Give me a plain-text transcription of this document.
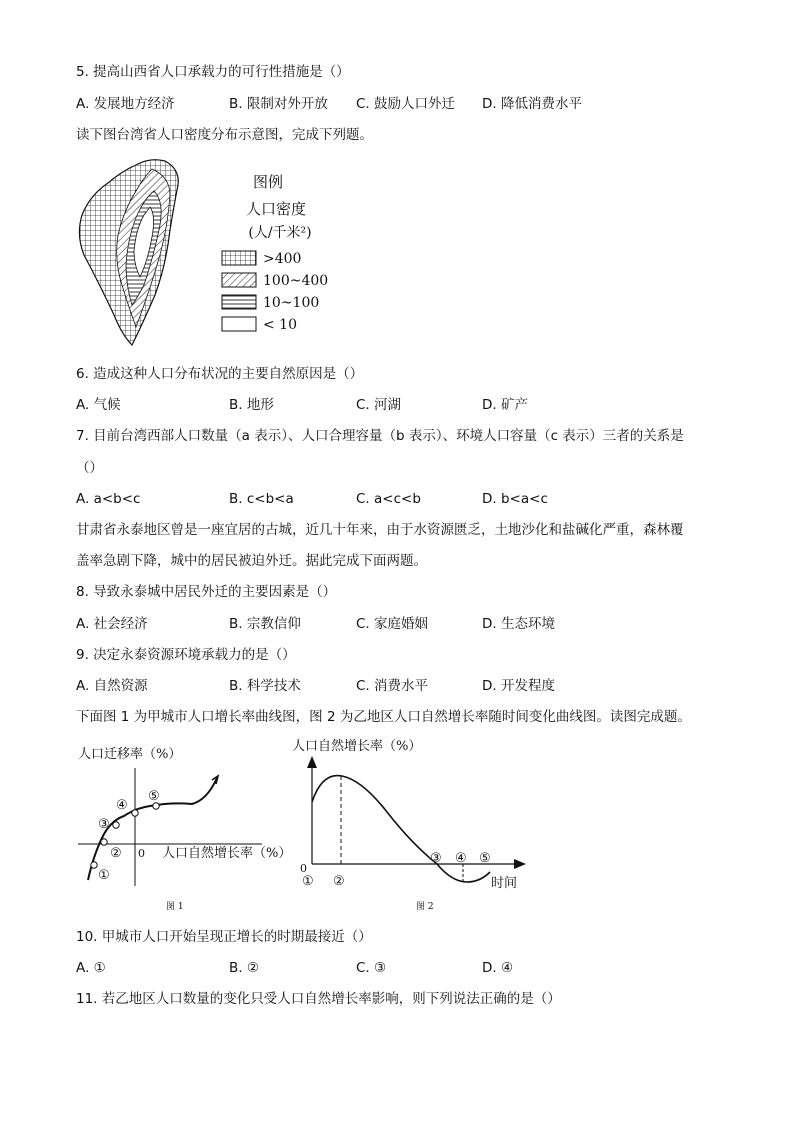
5. 提高山西省人口承载力的可行性措施是（）
A. 发展地方经济	B. 限制对外开放 C. 鼓励人口外迁 D. 降低消费水平
读下图台湾省人口密度分布示意图，完成下列题。
图例
人口密度
(人/千米²)
>400
100~400
10~100
< 10
6. 造成这种人口分布状况的主要自然原因是（）
A. 气候	B. 地形	C. 河湖	D. 矿产
7. 目前台湾西部人口数量（a 表示）、人口合理容量（b 表示）、环境人口容量（c 表示）三者的关系是
（）
A. a<b<c	B. c<b<a	C. a<c<b	D. b<a<c
甘肃省永泰地区曾是一座宜居的古城，近几十年来，由于水资源匮乏，土地沙化和盐碱化严重，森林覆
盖率急剧下降，城中的居民被迫外迁。据此完成下面两题。
8. 导致永泰城中居民外迁的主要因素是（）
A. 社会经济	B. 宗教信仰	C. 家庭婚姻	D. 生态环境
9. 决定永泰资源环境承载力的是（）
A. 自然资源	B. 科学技术	C. 消费水平	D. 开发程度
下面图 1 为甲城市人口增长率曲线图，图 2 为乙地区人口自然增长率随时间变化曲线图。读图完成题。
人口迁移率（%）
0 人口自然增长率（%）
①
②
③
④
⑤
图 1
人口自然增长率（%）
0
时间
① ②
③ ④ ⑤
图 2
10. 甲城市人口开始呈现正增长的时期最接近（）
A. ①	B. ②	C. ③	D. ④
11. 若乙地区人口数量的变化只受人口自然增长率影响，则下列说法正确的是（）
